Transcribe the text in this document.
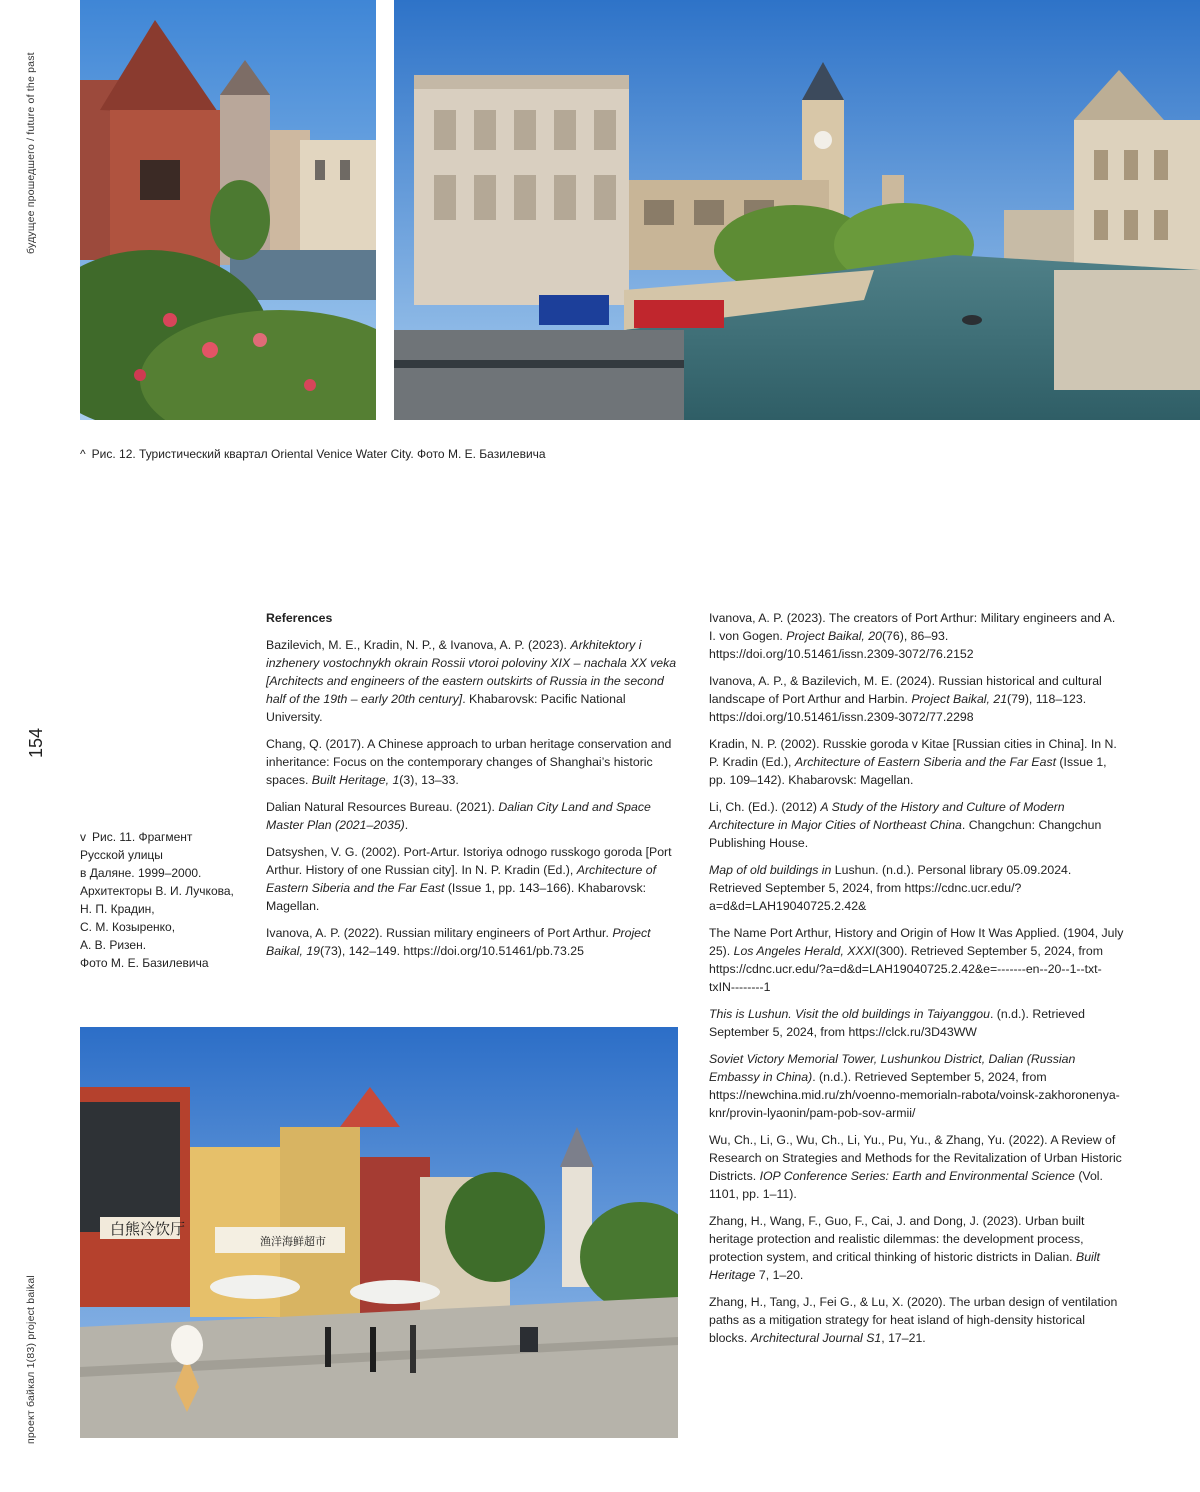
будущее прошедшего / future of the past
154
проект байкал 1(83) project baikal
^ Рис. 12. Туристический квартал Oriental Venice Water City. Фото М. Е. Базилевича
v Рис. 11. Фрагмент
Русской улицы
в Даляне. 1999–2000.
Архитекторы В. И. Лучкова,
Н. П. Крадин,
С. М. Козыренко,
А. В. Ризен.
Фото М. Е. Базилевича
白熊冷饮厅
渔洋海鲜超市

References

Bazilevich, M. E., Kradin, N. P., & Ivanova, A. P. (2023). Arkhitektory i inzhenery vostochnykh okrain Rossii vtoroi poloviny XIX – nachala XX veka [Architects and engineers of the eastern outskirts of Russia in the second half of the 19th – early 20th century]. Khabarovsk: Pacific National University.

Chang, Q. (2017). A Chinese approach to urban heritage conservation and inheritance: Focus on the contemporary changes of Shanghai’s historic spaces. Built Heritage, 1(3), 13–33.

Dalian Natural Resources Bureau. (2021). Dalian City Land and Space Master Plan (2021–2035).

Datsyshen, V. G. (2002). Port-Artur. Istoriya odnogo russkogo goroda [Port Arthur. History of one Russian city]. In N. P. Kradin (Ed.), Architecture of Eastern Siberia and the Far East (Issue 1, pp. 143–166). Khabarovsk: Magellan.

Ivanova, A. P. (2022). Russian military engineers of Port Arthur. Project Baikal, 19(73), 142–149. https://doi.org/10.51461/pb.73.25

Ivanova, A. P. (2023). The creators of Port Arthur: Military engineers and A. I. von Gogen. Project Baikal, 20(76), 86–93. https://doi.org/10.51461/issn.2309-3072/76.2152

Ivanova, A. P., & Bazilevich, M. E. (2024). Russian historical and cultural landscape of Port Arthur and Harbin. Project Baikal, 21(79), 118–123. https://doi.org/10.51461/issn.2309-3072/77.2298

Kradin, N. P. (2002). Russkie goroda v Kitae [Russian cities in China]. In N. P. Kradin (Ed.), Architecture of Eastern Siberia and the Far East (Issue 1, pp. 109–142). Khabarovsk: Magellan.

Li, Ch. (Ed.). (2012) A Study of the History and Culture of Modern Architecture in Major Cities of Northeast China. Changchun: Changchun Publishing House.

Map of old buildings in Lushun. (n.d.). Personal library 05.09.2024. Retrieved September 5, 2024, from https://cdnc.ucr.edu/?a=d&d=LAH19040725.2.42&

The Name Port Arthur, History and Origin of How It Was Applied. (1904, July 25). Los Angeles Herald, XXXI(300). Retrieved September 5, 2024, from https://cdnc.ucr.edu/?a=d&d=LAH19040725.2.42&e=-------en--20--1--txt-txIN--------1

This is Lushun. Visit the old buildings in Taiyanggou. (n.d.). Retrieved September 5, 2024, from https://clck.ru/3D43WW

Soviet Victory Memorial Tower, Lushunkou District, Dalian (Russian Embassy in China). (n.d.). Retrieved September 5, 2024, from https://newchina.mid.ru/zh/voenno-memorialn-rabota/voinsk-zakhoronenya-knr/provin-lyaonin/pam-pob-sov-armii/

Wu, Ch., Li, G., Wu, Ch., Li, Yu., Pu, Yu., & Zhang, Yu. (2022). A Review of Research on Strategies and Methods for the Revitalization of Urban Historic Districts. IOP Conference Series: Earth and Environmental Science (Vol. 1101, pp. 1–11).

Zhang, H., Wang, F., Guo, F., Cai, J. and Dong, J. (2023). Urban built heritage protection and realistic dilemmas: the development process, protection system, and critical thinking of historic districts in Dalian. Built Heritage 7, 1–20.

Zhang, H., Tang, J., Fei G., & Lu, X. (2020). The urban design of ventilation paths as a mitigation strategy for heat island of high-density historical blocks. Architectural Journal S1, 17–21.
